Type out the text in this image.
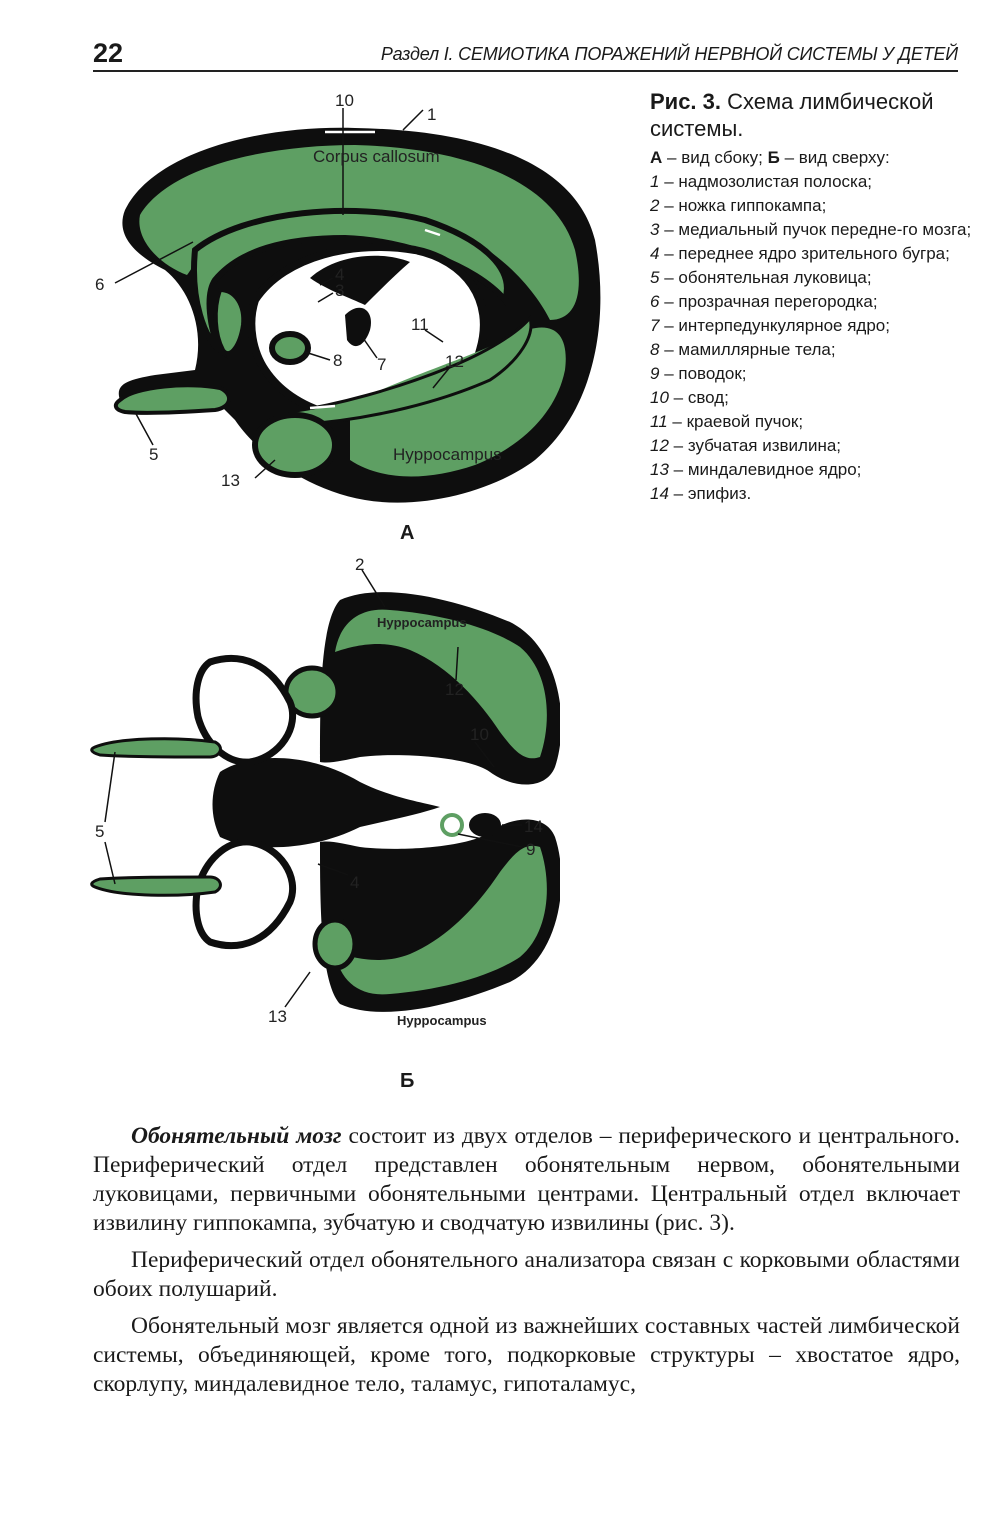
22	Раздел I. СЕМИОТИКА ПОРАЖЕНИЙ НЕРВНОЙ СИСТЕМЫ У ДЕТЕЙ
Corpus callosum
Hyppocampus
1
10
6
4
3
8 7
11
12
5
13
А
Рис. 3. Схема лимбической системы.
А – вид сбоку; Б – вид сверху:
1 – надмозолистая полоска;
2 – ножка гиппокампа;
3 – медиальный пучок передне-го мозга;
4 – переднее ядро зрительного бугра;
5 – обонятельная луковица;
6 – прозрачная перегородка;
7 – интерпедункулярное ядро;
8 – мамиллярные тела;
9 – поводок;
10 – свод;
11 – краевой пучок;
12 – зубчатая извилина;
13 – миндалевидное ядро;
14 – эпифиз.
Hyppocampus
Hyppocampus
2
12
10
14
9
4
5
13
Б

Обонятельный мозг состоит из двух отделов – периферического и центрального. Периферический отдел представлен обонятельным нервом, обонятельными луковицами, первичными обонятельными центрами. Центральный отдел включает извилину гиппокампа, зубчатую и сводчатую извилины (рис. 3).

Периферический отдел обонятельного анализатора связан с корковыми областями обоих полушарий.

Обонятельный мозг является одной из важнейших составных частей лимбической системы, объединяющей, кроме того, подкорковые структуры – хвостатое ядро, скорлупу, миндалевидное тело, таламус, гипоталамус,
